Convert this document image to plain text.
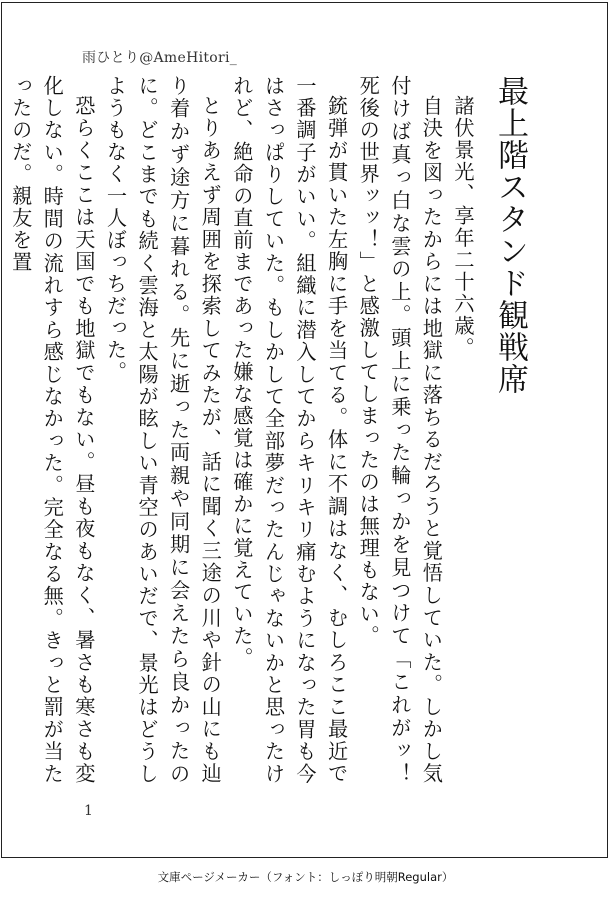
雨ひとり@AmeHitori_
最上階スタンド観戦席

諸伏景光、享年二十六歳。

自決を図ったからには地獄に落ちるだろうと覚悟していた。しかし気付けば真っ白な雲の上。頭上に乗った輪っかを見つけて「これがッ！　死後の世界ッッ！」と感激してしまったのは無理もない。

銃弾が貫いた左胸に手を当てる。体に不調はなく、むしろここ最近で一番調子がいい。組織に潜入してからキリキリ痛むようになった胃も今はさっぱりしていた。もしかして全部夢だったんじゃないかと思ったけれど、絶命の直前まであった嫌な感覚は確かに覚えていた。

とりあえず周囲を探索してみたが、話に聞く三途の川や針の山にも辿り着かず途方に暮れる。先に逝った両親や同期に会えたら良かったのに。どこまでも続く雲海と太陽が眩しい青空のあいだで、景光はどうしようもなく一人ぼっちだった。

恐らくここは天国でも地獄でもない。昼も夜もなく、暑さも寒さも変化しない。時間の流れすら感じなかった。完全なる無。きっと罰が当たったのだ。親友を置

1
文庫ページメーカー（フォント：しっぽり明朝Regular）
